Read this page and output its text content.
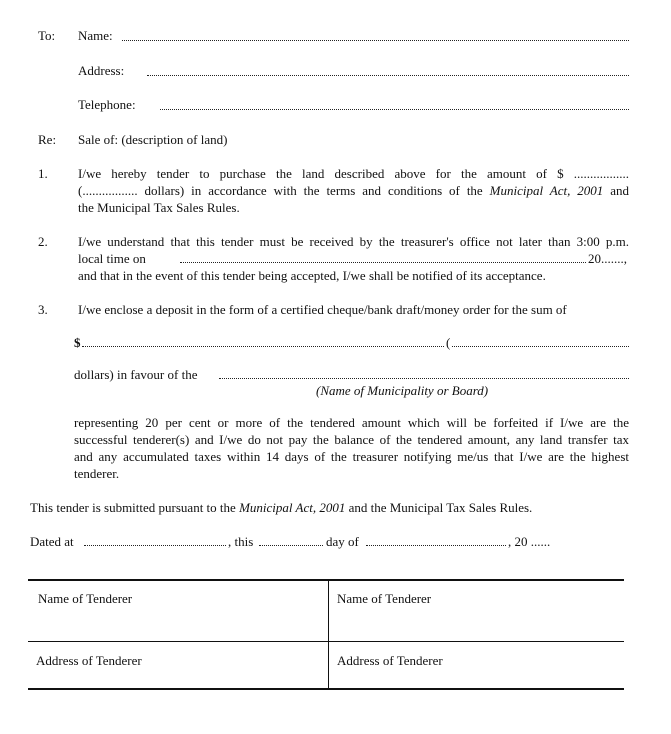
To: Name:
Address:
Telephone:
Re: Sale of: (description of land)
1. I/we hereby tender to purchase the land described above for the amount of $ .................
(................. dollars) in accordance with the terms and conditions of the Municipal Act, 2001 and
the Municipal Tax Sales Rules.
2. I/we understand that this tender must be received by the treasurer's office not later than 3:00 p.m.
local time on	20.......,
and that in the event of this tender being accepted, I/we shall be notified of its acceptance.
3. I/we enclose a deposit in the form of a certified cheque/bank draft/money order for the sum of
$	(
dollars) in favour of the
(Name of Municipality or Board)
representing 20 per cent or more of the tendered amount which will be forfeited if I/we are the
successful tenderer(s) and I/we do not pay the balance of the tendered amount, any land transfer tax
and any accumulated taxes within 14 days of the treasurer notifying me/us that I/we are the highest
tenderer.
This tender is submitted pursuant to the Municipal Act, 2001 and the Municipal Tax Sales Rules.
Dated at	, this	day of	, 20 ......
Name of Tenderer	Name of Tenderer
Address of Tenderer	Address of Tenderer
